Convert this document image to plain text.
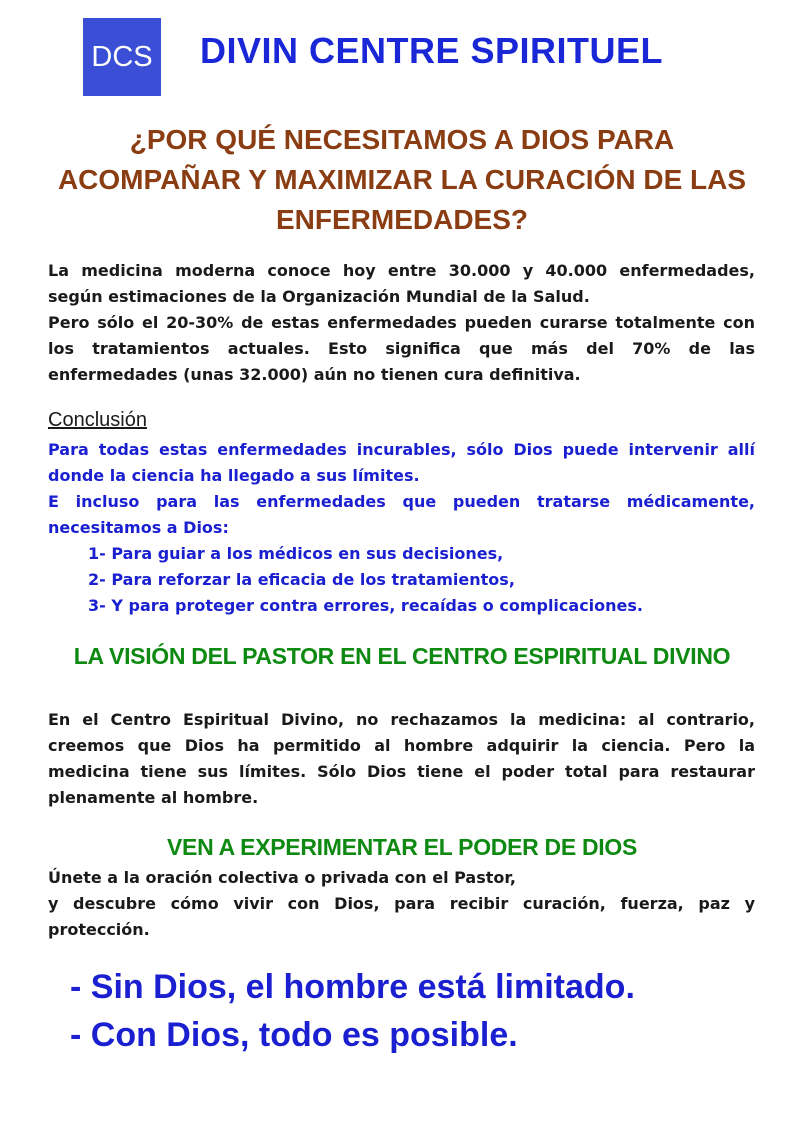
DCS DIVIN CENTRE SPIRITUEL
¿POR QUÉ NECESITAMOS A DIOS PARA ACOMPAÑAR Y MAXIMIZAR LA CURACIÓN DE LAS ENFERMEDADES?

La medicina moderna conoce hoy entre 30.000 y 40.000 enfermedades, según estimaciones de la Organización Mundial de la Salud.

Pero sólo el 20-30% de estas enfermedades pueden curarse totalmente con los tratamientos actuales. Esto significa que más del 70% de las enfermedades (unas 32.000) aún no tienen cura definitiva.

Conclusión

Para todas estas enfermedades incurables, sólo Dios puede intervenir allí donde la ciencia ha llegado a sus límites.

E incluso para las enfermedades que pueden tratarse médicamente, necesitamos a Dios:

1- Para guiar a los médicos en sus decisiones,
2- Para reforzar la eficacia de los tratamientos,
3- Y para proteger contra errores, recaídas o complicaciones.
LA VISIÓN DEL PASTOR EN EL CENTRO ESPIRITUAL DIVINO

En el Centro Espiritual Divino, no rechazamos la medicina: al contrario, creemos que Dios ha permitido al hombre adquirir la ciencia. Pero la medicina tiene sus límites. Sólo Dios tiene el poder total para restaurar plenamente al hombre.

VEN A EXPERIMENTAR EL PODER DE DIOS

Únete a la oración colectiva o privada con el Pastor,

y descubre cómo vivir con Dios, para recibir curación, fuerza, paz y protección.

- Sin Dios, el hombre está limitado.
- Con Dios, todo es posible.
